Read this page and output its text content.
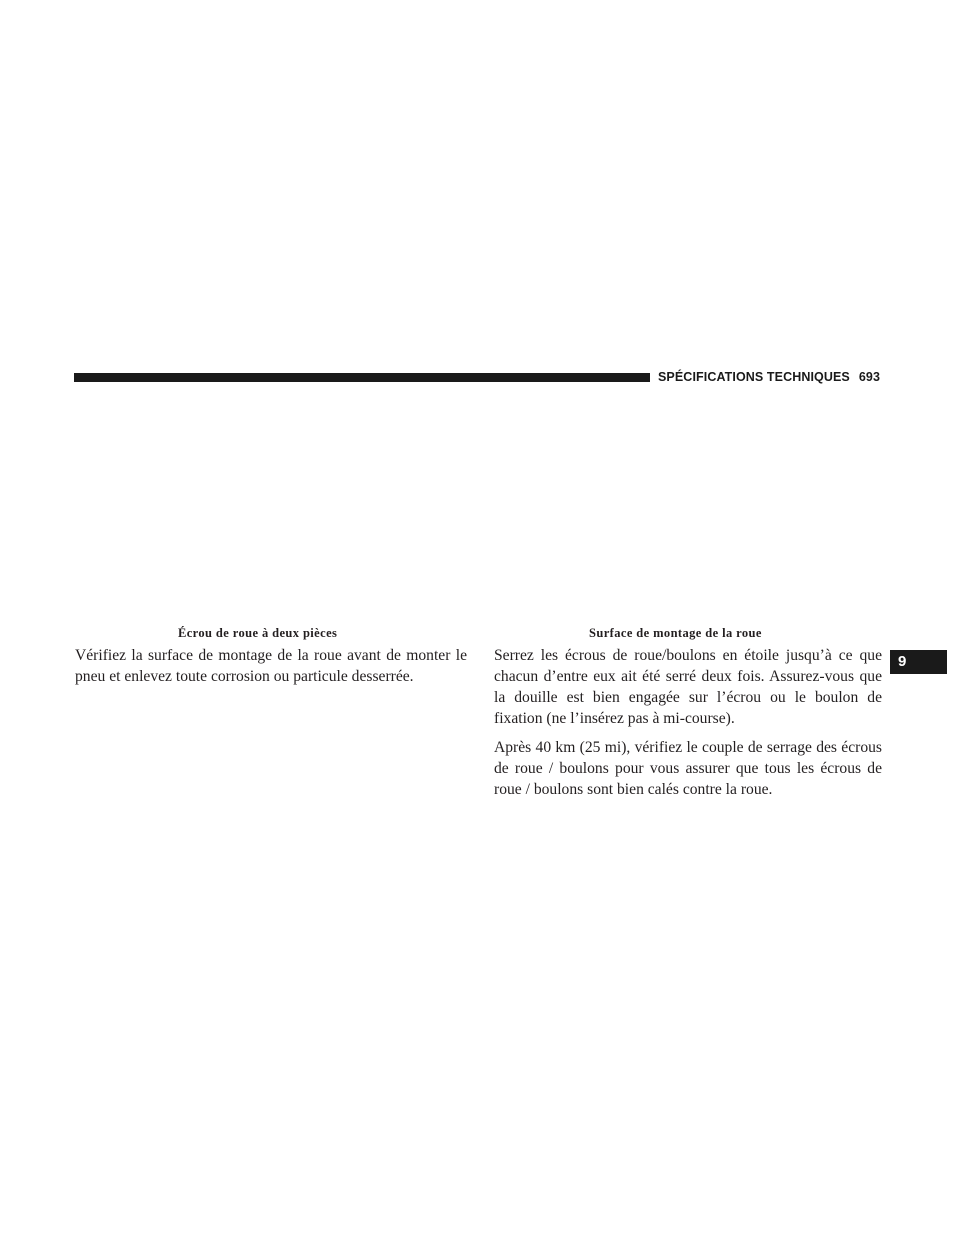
SPÉCIFICATIONS TECHNIQUES 693
9
Écrou de roue à deux pièces	Surface de montage de la roue

Vérifiez la surface de montage de la roue avant de monter le pneu et enlevez toute corrosion ou particule desserrée.

Serrez les écrous de roue/boulons en étoile jusqu’à ce que chacun d’entre eux ait été serré deux fois. Assurez-vous que la douille est bien engagée sur l’écrou ou le boulon de fixation (ne l’insérez pas à mi-course).

Après 40 km (25 mi), vérifiez le couple de serrage des écrous de roue / boulons pour vous assurer que tous les écrous de roue / boulons sont bien calés contre la roue.
